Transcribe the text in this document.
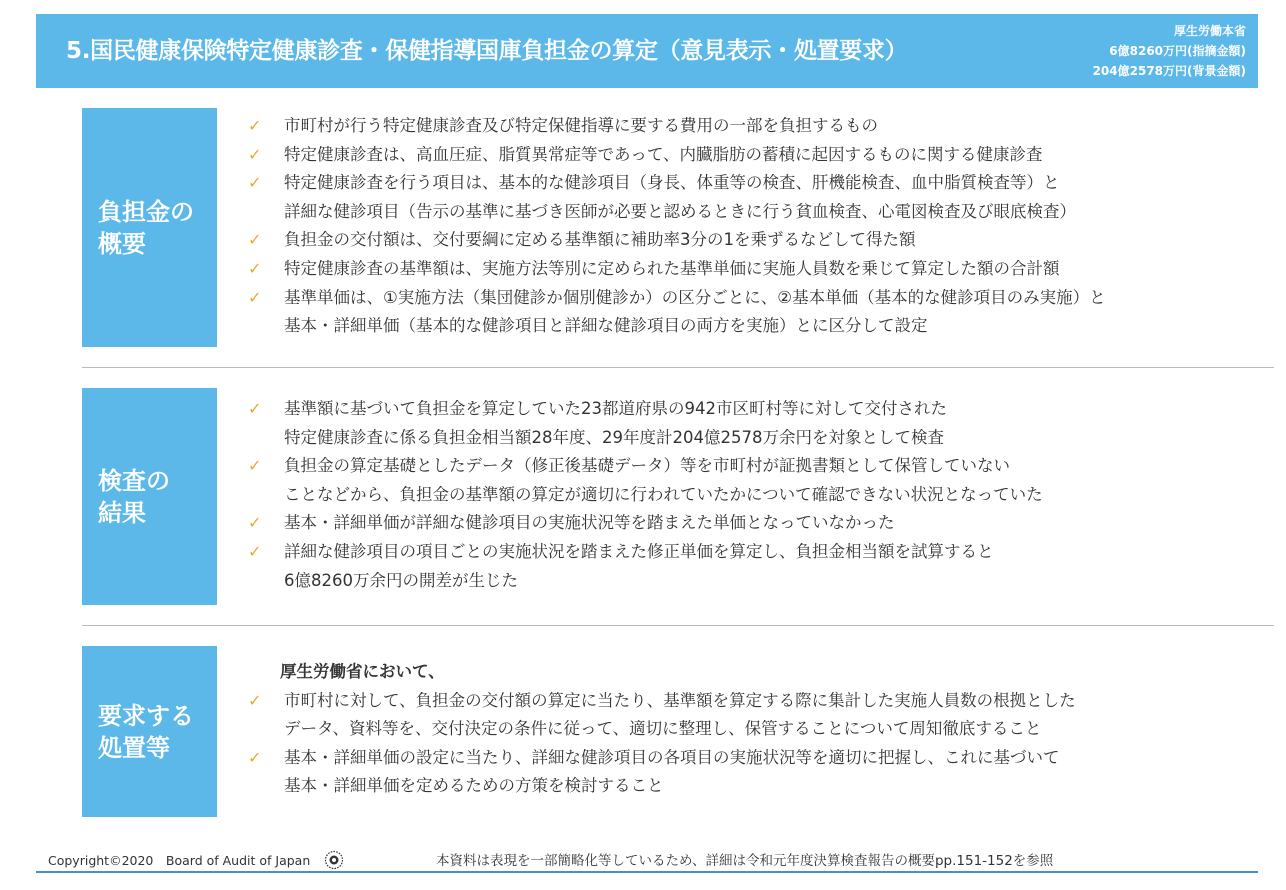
5.国民健康保険特定健康診査・保健指導国庫負担金の算定（意見表示・処置要求）
厚生労働本省
6億8260万円(指摘金額)
204億2578万円(背景金額)
負担金の
概要
✓ 市町村が行う特定健康診査及び特定保健指導に要する費用の一部を負担するもの
✓ 特定健康診査は、高血圧症、脂質異常症等であって、内臓脂肪の蓄積に起因するものに関する健康診査
✓ 特定健康診査を行う項目は、基本的な健診項目（身長、体重等の検査、肝機能検査、血中脂質検査等）と
詳細な健診項目（告示の基準に基づき医師が必要と認めるときに行う貧血検査、心電図検査及び眼底検査）
✓ 負担金の交付額は、交付要綱に定める基準額に補助率3分の1を乗ずるなどして得た額
✓ 特定健康診査の基準額は、実施方法等別に定められた基準単価に実施人員数を乗じて算定した額の合計額
✓ 基準単価は、①実施方法（集団健診か個別健診か）の区分ごとに、②基本単価（基本的な健診項目のみ実施）と
基本・詳細単価（基本的な健診項目と詳細な健診項目の両方を実施）とに区分して設定
検査の
結果
✓ 基準額に基づいて負担金を算定していた23都道府県の942市区町村等に対して交付された
特定健康診査に係る負担金相当額28年度、29年度計204億2578万余円を対象として検査
✓ 負担金の算定基礎としたデータ（修正後基礎データ）等を市町村が証拠書類として保管していない
ことなどから、負担金の基準額の算定が適切に行われていたかについて確認できない状況となっていた
✓ 基本・詳細単価が詳細な健診項目の実施状況等を踏まえた単価となっていなかった
✓ 詳細な健診項目の項目ごとの実施状況を踏まえた修正単価を算定し、負担金相当額を試算すると
6億8260万余円の開差が生じた
要求する
処置等
厚生労働省において、
✓ 市町村に対して、負担金の交付額の算定に当たり、基準額を算定する際に集計した実施人員数の根拠とした
データ、資料等を、交付決定の条件に従って、適切に整理し、保管することについて周知徹底すること
✓ 基本・詳細単価の設定に当たり、詳細な健診項目の各項目の実施状況等を適切に把握し、これに基づいて
基本・詳細単価を定めるための方策を検討すること
Copyright©2020　Board of Audit of Japan	本資料は表現を一部簡略化等しているため、詳細は令和元年度決算検査報告の概要pp.151-152を参照
